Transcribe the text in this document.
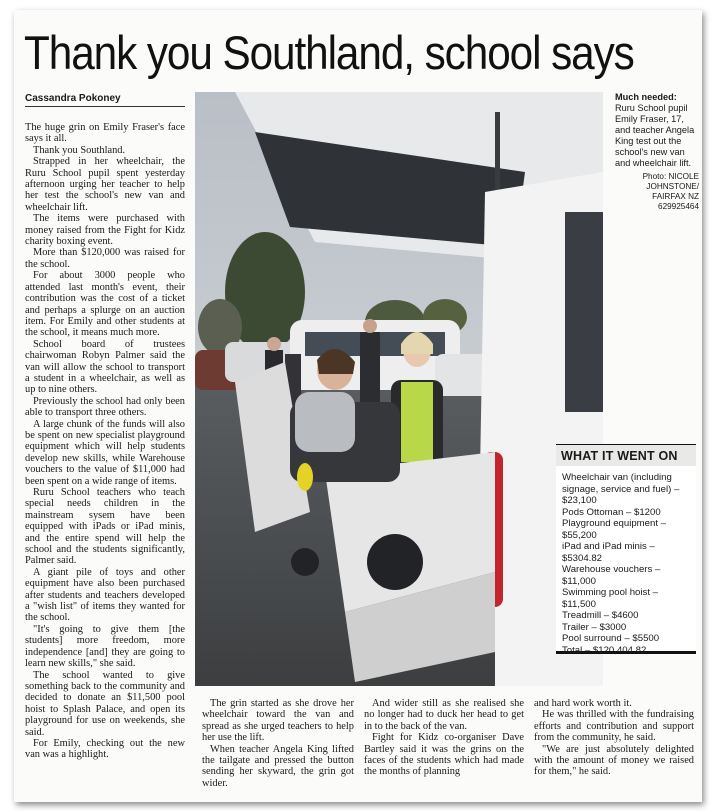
Thank you Southland, school says
Cassandra Pokoney

The huge grin on Emily Fraser's face says it all.

Thank you Southland.

Strapped in her wheelchair, the Ruru School pupil spent yesterday afternoon urging her teacher to help her test the school's new van and wheelchair lift.

The items were purchased with money raised from the Fight for Kidz charity boxing event.

More than $120,000 was raised for the school.

For about 3000 people who attended last month's event, their contribution was the cost of a ticket and perhaps a splurge on an auction item. For Emily and other students at the school, it means much more.

School board of trustees chairwoman Robyn Palmer said the van will allow the school to transport a student in a wheelchair, as well as up to nine others.

Previously the school had only been able to transport three others.

A large chunk of the funds will also be spent on new specialist playground equipment which will help students develop new skills, while Warehouse vouchers to the value of $11,000 had been spent on a wide range of items.

Ruru School teachers who teach special needs children in the mainstream sysem have been equipped with iPads or iPad minis, and the entire spend will help the school and the students significantly, Palmer said.

A giant pile of toys and other equipment have also been purchased after students and teachers developed a "wish list" of items they wanted for the school.

"It's going to give them [the students] more freedom, more independence [and] they are going to learn new skills," she said.

The school wanted to give something back to the community and decided to donate an $11,500 pool hoist to Splash Palace, and open its playground for use on weekends, she said.

For Emily, checking out the new van was a highlight.

Much needed:
Ruru School pupil Emily Fraser, 17, and teacher Angela King test out the school's new van and wheelchair lift.
Photo: NICOLE JOHNSTONE/ FAIRFAX NZ 629925464
WHAT IT WENT ON
Wheelchair van (including signage, service and fuel) – $23,100
Pods Ottoman – $1200
Playground equipment – $55,200
iPad and iPad minis – $5304.82
Warehouse vouchers – $11,000
Swimming pool hoist – $11,500
Treadmill – $4600
Trailer – $3000
Pool surround – $5500
Total – $120,404.82

The grin started as she drove her wheelchair toward the van and spread as she urged teachers to help her use the lift.

When teacher Angela King lifted the tailgate and pressed the button sending her skyward, the grin got wider.

And wider still as she realised she no longer had to duck her head to get in to the back of the van.

Fight for Kidz co-organiser Dave Bartley said it was the grins on the faces of the students which had made the months of planning

and hard work worth it.

He was thrilled with the fundraising efforts and contribution and support from the community, he said.

"We are just absolutely delighted with the amount of money we raised for them," he said.
